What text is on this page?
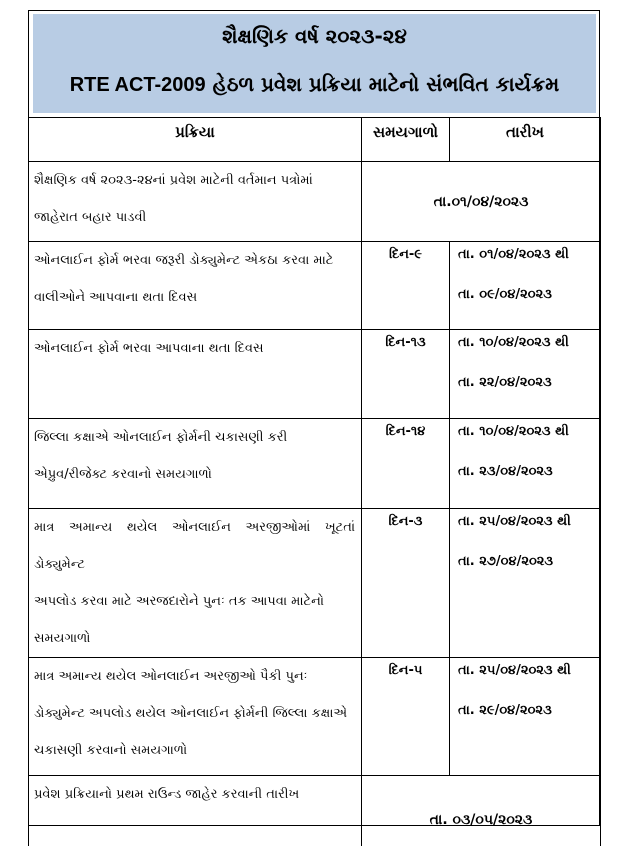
શૈક્ષણિક વર્ષ ૨૦૨૩-૨૪
RTE ACT-2009 હેઠળ પ્રવેશ પ્રક્રિયા માટેનો સંભવિત કાર્યક્રમ
પ્રક્રિયા	સમયગાળો	તારીખ

શૈક્ષણિક વર્ષ ૨૦૨૩-૨૪નાં પ્રવેશ માટેની વર્તમાન પત્રોમાં
જાહેરાત બહાર પાડવી	તા.૦૧/૦૪/૨૦૨૩	

ઓનલાઈન ફોર્મ ભરવા જરૂરી ડોક્યુમેન્ટ એકઠા કરવા માટે
વાલીઓને આપવાના થતા દિવસ	દિન-૯	તા. ૦૧/૦૪/૨૦૨૩ થી
તા. ૦૯/૦૪/૨૦૨૩

ઓનલાઈન ફોર્મ ભરવા આપવાના થતા દિવસ	દિન-૧૩	તા. ૧૦/૦૪/૨૦૨૩ થી
તા. ૨૨/૦૪/૨૦૨૩

જિલ્લા કક્ષાએ ઓનલાઈન ફોર્મની ચકાસણી કરી
એપ્રુવ/રીજેક્ટ કરવાનો સમયગાળો	દિન-૧૪	તા. ૧૦/૦૪/૨૦૨૩ થી
તા. ૨૩/૦૪/૨૦૨૩

માત્ર અમાન્ય થયેલ ઓનલાઈન અરજીઓમાં ખૂટતાં ડોક્યુમેન્ટ
અપલોડ કરવા માટે અરજદારોને પુનઃ તક આપવા માટેનો
સમયગાળો	દિન-૩	તા. ૨૫/૦૪/૨૦૨૩ થી
તા. ૨૭/૦૪/૨૦૨૩

માત્ર અમાન્ય થયેલ ઓનલાઈન અરજીઓ પૈકી પુનઃ
ડોક્યુમેન્ટ અપલોડ થયેલ ઓનલાઈન ફોર્મની જિલ્લા કક્ષાએ
ચકાસણી કરવાનો સમયગાળો	દિન-૫	તા. ૨૫/૦૪/૨૦૨૩ થી
તા. ૨૯/૦૪/૨૦૨૩

પ્રવેશ પ્રક્રિયાનો પ્રથમ રાઉન્ડ જાહેર કરવાની તારીખ	તા. ૦૩/૦૫/૨૦૨૩	
